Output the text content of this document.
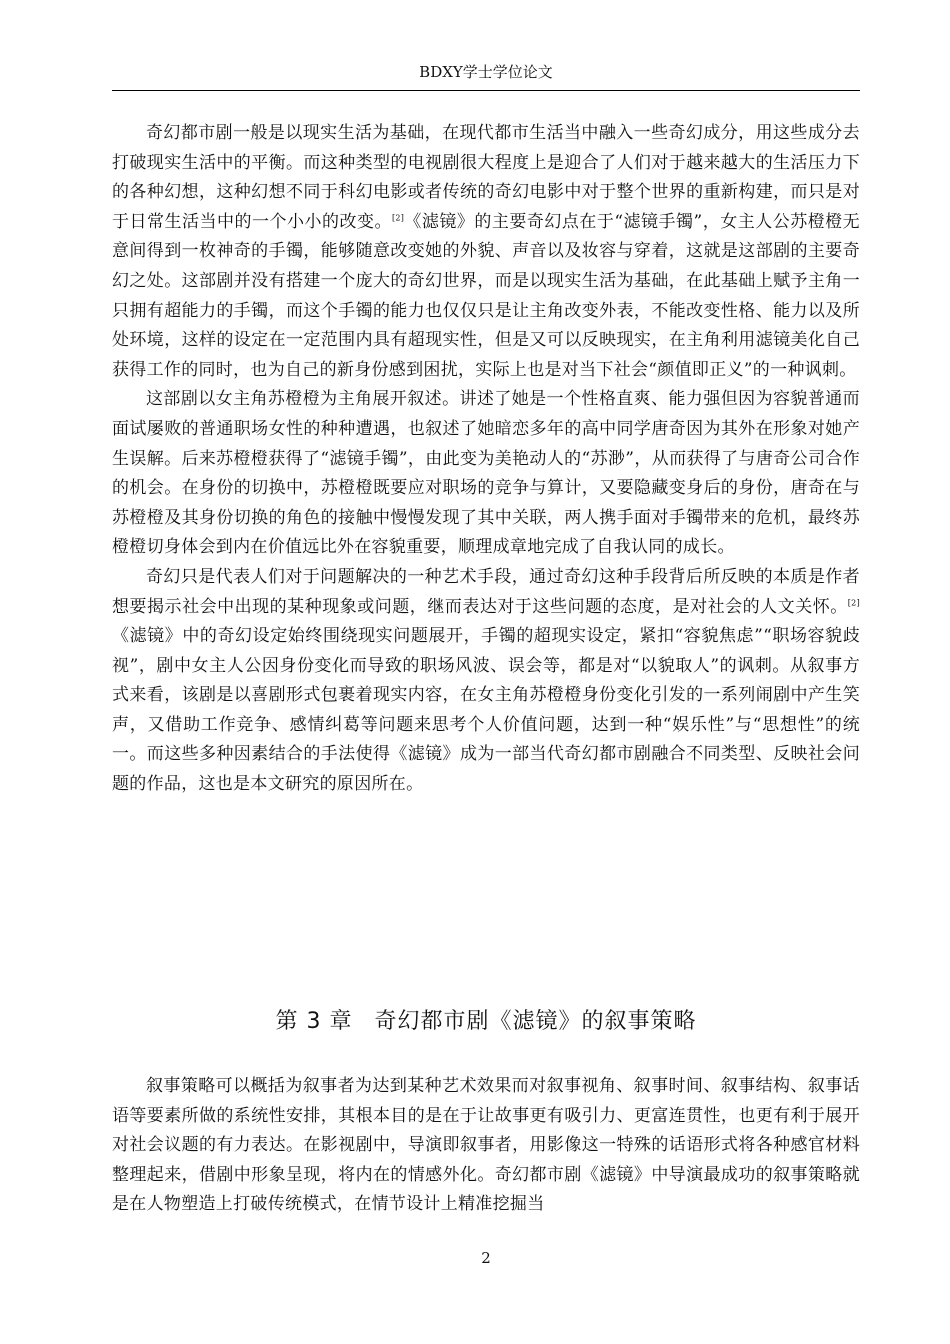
BDXY学士学位论文

奇幻都市剧一般是以现实生活为基础，在现代都市生活当中融入一些奇幻成分，用这些成分去打破现实生活中的平衡。而这种类型的电视剧很大程度上是迎合了人们对于越来越大的生活压力下的各种幻想，这种幻想不同于科幻电影或者传统的奇幻电影中对于整个世界的重新构建，而只是对于日常生活当中的一个小小的改变。[2]《滤镜》的主要奇幻点在于“滤镜手镯”，女主人公苏橙橙无意间得到一枚神奇的手镯，能够随意改变她的外貌、声音以及妆容与穿着，这就是这部剧的主要奇幻之处。这部剧并没有搭建一个庞大的奇幻世界，而是以现实生活为基础，在此基础上赋予主角一只拥有超能力的手镯，而这个手镯的能力也仅仅只是让主角改变外表，不能改变性格、能力以及所处环境，这样的设定在一定范围内具有超现实性，但是又可以反映现实，在主角利用滤镜美化自己获得工作的同时，也为自己的新身份感到困扰，实际上也是对当下社会“颜值即正义”的一种讽刺。

这部剧以女主角苏橙橙为主角展开叙述。讲述了她是一个性格直爽、能力强但因为容貌普通而面试屡败的普通职场女性的种种遭遇，也叙述了她暗恋多年的高中同学唐奇因为其外在形象对她产生误解。后来苏橙橙获得了“滤镜手镯”，由此变为美艳动人的“苏渺”，从而获得了与唐奇公司合作的机会。在身份的切换中，苏橙橙既要应对职场的竞争与算计，又要隐藏变身后的身份，唐奇在与苏橙橙及其身份切换的角色的接触中慢慢发现了其中关联，两人携手面对手镯带来的危机，最终苏橙橙切身体会到内在价值远比外在容貌重要，顺理成章地完成了自我认同的成长。

奇幻只是代表人们对于问题解决的一种艺术手段，通过奇幻这种手段背后所反映的本质是作者想要揭示社会中出现的某种现象或问题，继而表达对于这些问题的态度，是对社会的人文关怀。[2]《滤镜》中的奇幻设定始终围绕现实问题展开，手镯的超现实设定，紧扣“容貌焦虑”“职场容貌歧视”，剧中女主人公因身份变化而导致的职场风波、误会等，都是对“以貌取人”的讽刺。从叙事方式来看，该剧是以喜剧形式包裹着现实内容，在女主角苏橙橙身份变化引发的一系列闹剧中产生笑声，又借助工作竞争、感情纠葛等问题来思考个人价值问题，达到一种“娱乐性”与“思想性”的统一。而这些多种因素结合的手法使得《滤镜》成为一部当代奇幻都市剧融合不同类型、反映社会问题的作品，这也是本文研究的原因所在。

第 3 章 奇幻都市剧《滤镜》的叙事策略

叙事策略可以概括为叙事者为达到某种艺术效果而对叙事视角、叙事时间、叙事结构、叙事话语等要素所做的系统性安排，其根本目的是在于让故事更有吸引力、更富连贯性，也更有利于展开对社会议题的有力表达。在影视剧中，导演即叙事者，用影像这一特殊的话语形式将各种感官材料整理起来，借剧中形象呈现，将内在的情感外化。奇幻都市剧《滤镜》中导演最成功的叙事策略就是在人物塑造上打破传统模式，在情节设计上精准挖掘当

2
